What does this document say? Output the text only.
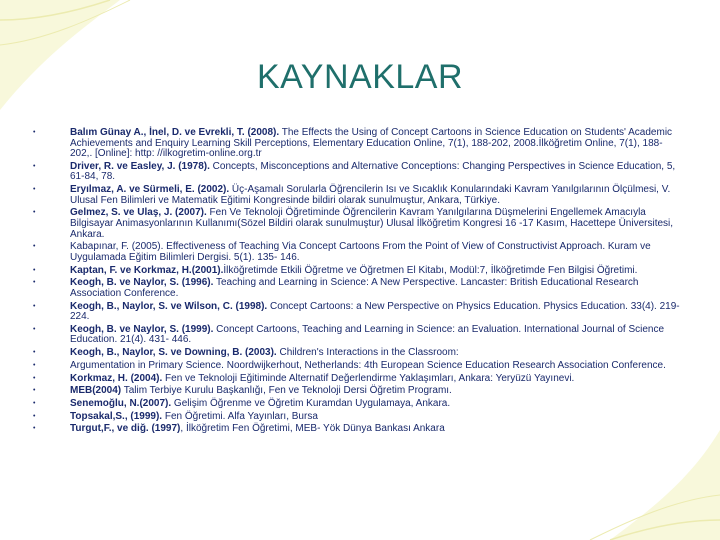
KAYNAKLAR
•	Balım Günay A., İnel, D. ve Evrekli, T. (2008). The Effects the Using of Concept Cartoons in Science Education on Students' Academic Achievements and Enquiry Learning Skill Perceptions, Elementary Education Online, 7(1), 188-202, 2008.İlköğretim Online, 7(1), 188-202,. [Online]: http: //ilkogretim-online.org.tr
•	Driver, R. ve Easley, J. (1978). Concepts, Misconceptions and Alternative Conceptions: Changing Perspectives in Science Education, 5, 61-84, 78.
•	Eryılmaz, A. ve Sürmeli, E. (2002). Üç-Aşamalı Sorularla Öğrencilerin Isı ve Sıcaklık Konularındaki Kavram Yanılgılarının Ölçülmesi, V. Ulusal Fen Bilimleri ve Matematik Eğitimi Kongresinde bildiri olarak sunulmuştur, Ankara, Türkiye.
•	Gelmez, S. ve Ulaş, J. (2007). Fen Ve Teknoloji Öğretiminde Öğrencilerin Kavram Yanılgılarına Düşmelerini Engellemek Amacıyla Bilgisayar Animasyonlarının Kullanımı(Sözel Bildiri olarak sunulmuştur) Ulusal İlköğretim Kongresi 16 -17 Kasım, Hacettepe Üniversitesi, Ankara.
•	Kabapınar, F. (2005). Effectiveness of Teaching Via Concept Cartoons From the Point of View of Constructivist Approach. Kuram ve Uygulamada Eğitim Bilimleri Dergisi. 5(1). 135- 146.
•	Kaptan, F. ve Korkmaz, H.(2001).İlköğretimde Etkili Öğretme ve Öğretmen El Kitabı, Modül:7, İlköğretimde Fen Bilgisi Öğretimi.
•	Keogh, B. ve Naylor, S. (1996). Teaching and Learning in Science: A New Perspective. Lancaster: British Educational Research Association Conference.
•	Keogh, B., Naylor, S. ve Wilson, C. (1998). Concept Cartoons: a New Perspective on Physics Education. Physics Education. 33(4). 219- 224.
•	Keogh, B. ve Naylor, S. (1999). Concept Cartoons, Teaching and Learning in Science: an Evaluation. International Journal of Science Education. 21(4). 431- 446.
•	Keogh, B., Naylor, S. ve Downing, B. (2003). Children's Interactions in the Classroom:
•	Argumentation in Primary Science. Noordwijkerhout, Netherlands: 4th European Science Education Research Association Conference.
•	Korkmaz, H. (2004). Fen ve Teknoloji Eğitiminde Alternatif Değerlendirme Yaklaşımları, Ankara: Yeryüzü Yayınevi.
•	MEB(2004) Talim Terbiye Kurulu Başkanlığı, Fen ve Teknoloji Dersi Öğretim Programı.
•	Senemoğlu, N.(2007). Gelişim Öğrenme ve Öğretim Kuramdan Uygulamaya, Ankara.
•	Topsakal,S., (1999). Fen Öğretimi. Alfa Yayınları, Bursa
•	Turgut,F., ve diğ. (1997), İlköğretim Fen Öğretimi, MEB- Yök Dünya Bankası Ankara
